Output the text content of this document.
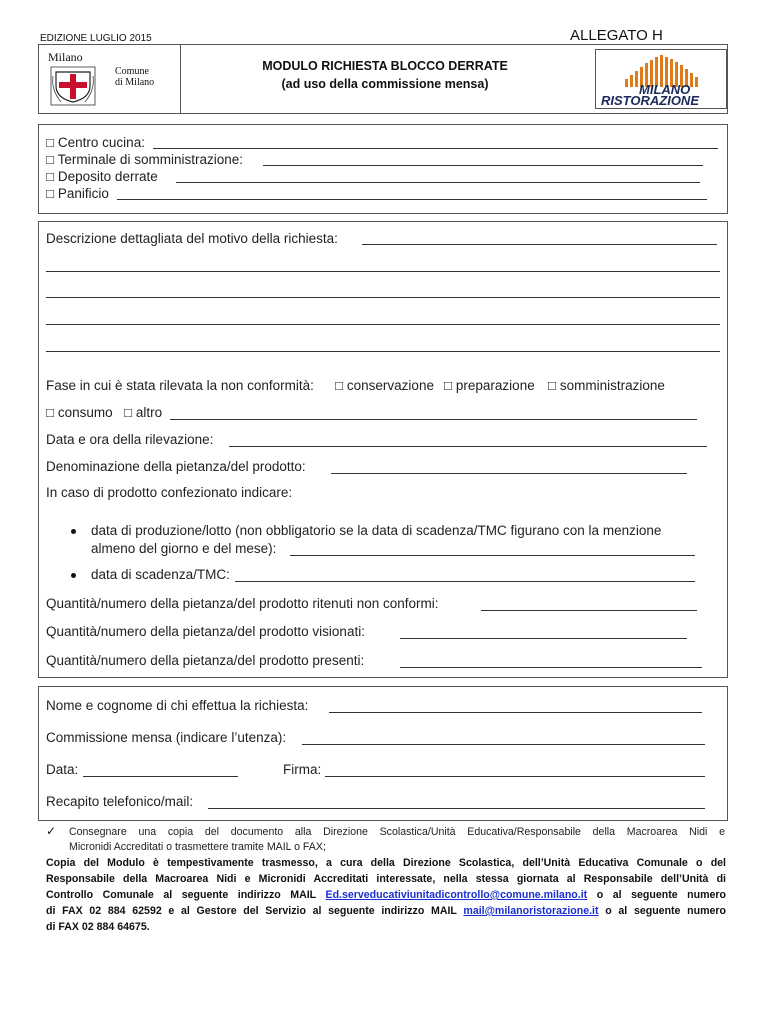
EDIZIONE LUGLIO 2015	ALLEGATO H
Milano
Comune
di Milano
MODULO RICHIESTA BLOCCO DERRATE
(ad uso della commissione mensa)	MILANO
RISTORAZIONE
□ Centro cucina:
□ Terminale di somministrazione:
□ Deposito derrate
□ Panificio
Descrizione dettagliata del motivo della richiesta:
Fase in cui è stata rilevata la non conformità: □ conservazione □ preparazione □ somministrazione
□ consumo □ altro
Data e ora della rilevazione:
Denominazione della pietanza/del prodotto:
In caso di prodotto confezionato indicare:
data di produzione/lotto (non obbligatorio se la data di scadenza/TMC figurano con la menzione
almeno del giorno e del mese):
data di scadenza/TMC:
Quantità/numero della pietanza/del prodotto ritenuti non conformi:
Quantità/numero della pietanza/del prodotto visionati:
Quantità/numero della pietanza/del prodotto presenti:
Nome e cognome di chi effettua la richiesta:
Commissione mensa (indicare l’utenza):
Data:	Firma:
Recapito telefonico/mail:
✓ Consegnare una copia del documento alla Direzione Scolastica/Unità Educativa/Responsabile della Macroarea Nidi e
Micronidi Accreditati o trasmettere tramite MAIL o FAX;
Copia del Modulo è tempestivamente trasmesso, a cura della Direzione Scolastica, dell’Unità Educativa Comunale o del
Responsabile della Macroarea Nidi e Micronidi Accreditati interessate, nella stessa giornata al Responsabile dell’Unità di
Controllo Comunale al seguente indirizzo MAIL Ed.serveducativiunitadicontrollo@comune.milano.it o al seguente numero
di FAX 02 884 62592 e al Gestore del Servizio al seguente indirizzo MAIL mail@milanoristorazione.it o al seguente numero
di FAX 02 884 64675.
